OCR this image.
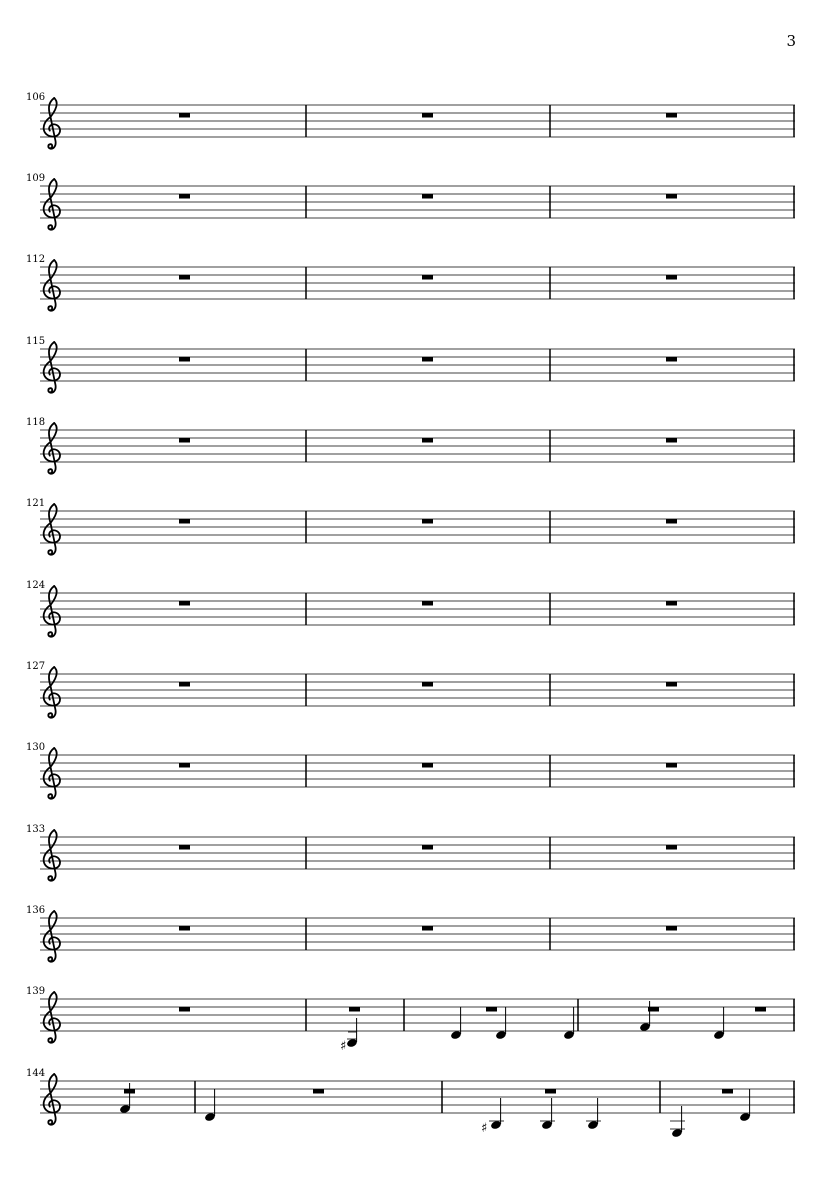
3
106
109
112
115
118
121
124
127
130
133
136
139
♯
144
♯
